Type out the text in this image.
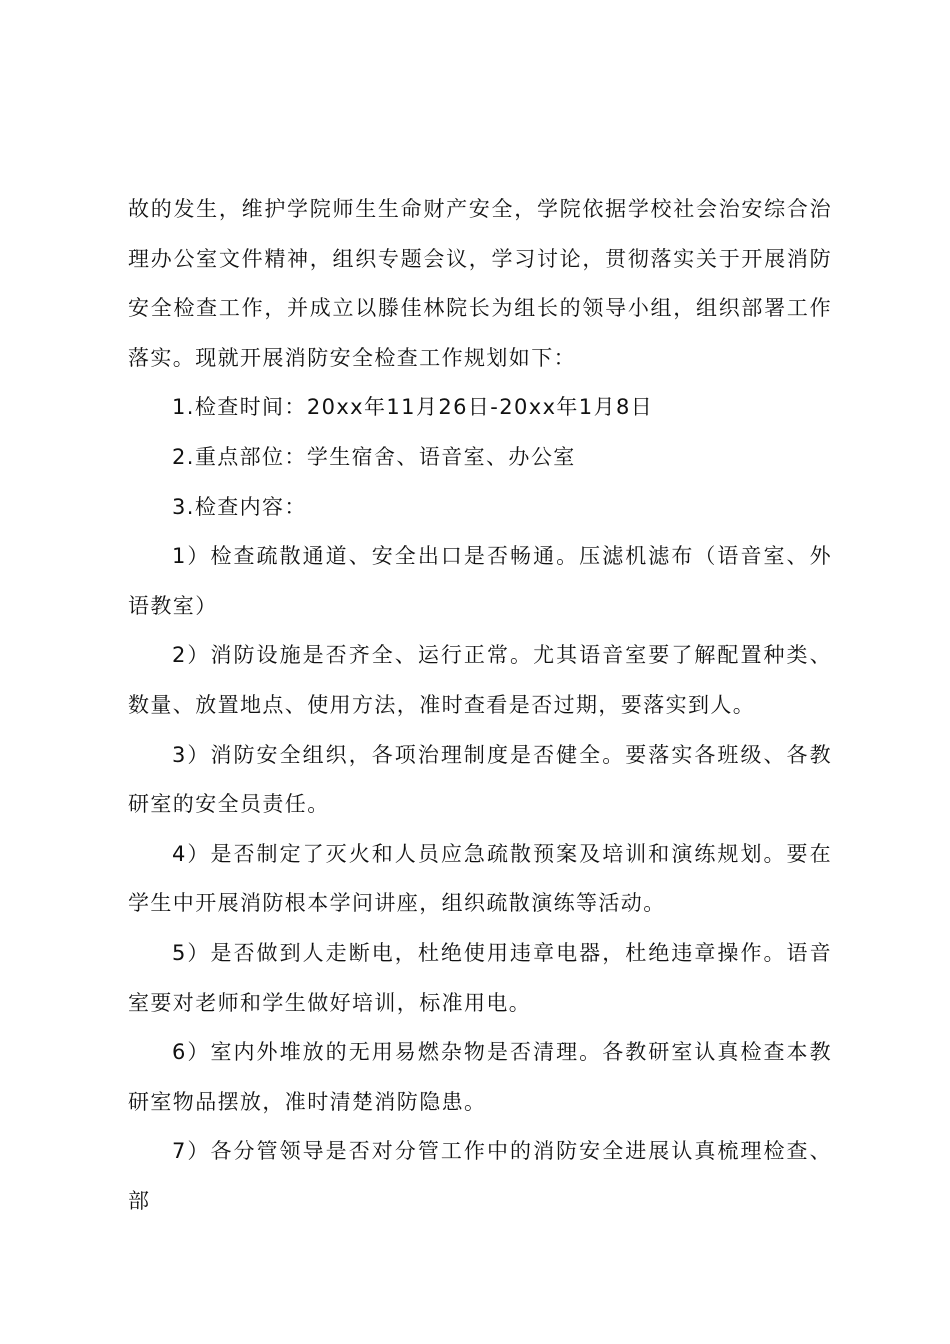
故的发生，维护学院师生生命财产安全，学院依据学校社会治安综合治理办公室文件精神，组织专题会议，学习讨论，贯彻落实关于开展消防安全检查工作，并成立以滕佳林院长为组长的领导小组，组织部署工作落实。现就开展消防安全检查工作规划如下：

1.检查时间：20xx年11月26日-20xx年1月8日

2.重点部位：学生宿舍、语音室、办公室

3.检查内容：

1）检查疏散通道、安全出口是否畅通。压滤机滤布（语音室、外语教室）

2）消防设施是否齐全、运行正常。尤其语音室要了解配置种类、数量、放置地点、使用方法，准时查看是否过期，要落实到人。

3）消防安全组织，各项治理制度是否健全。要落实各班级、各教研室的安全员责任。

4）是否制定了灭火和人员应急疏散预案及培训和演练规划。要在学生中开展消防根本学问讲座，组织疏散演练等活动。

5）是否做到人走断电，杜绝使用违章电器，杜绝违章操作。语音室要对老师和学生做好培训，标准用电。

6）室内外堆放的无用易燃杂物是否清理。各教研室认真检查本教研室物品摆放，准时清楚消防隐患。

7）各分管领导是否对分管工作中的消防安全进展认真梳理检查、部
